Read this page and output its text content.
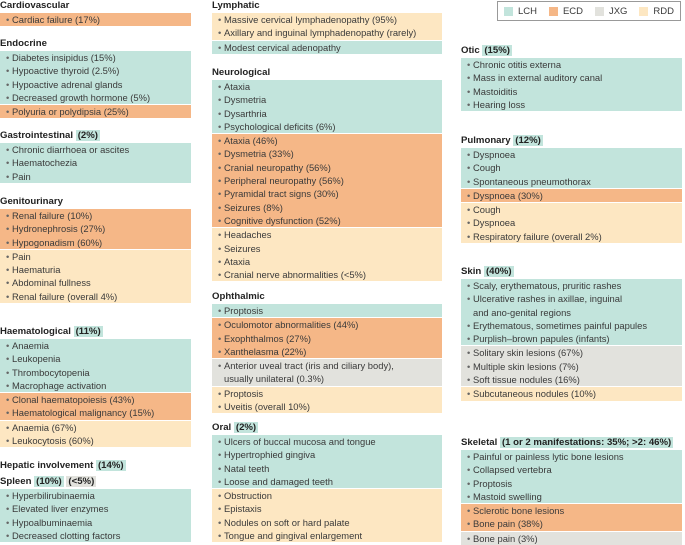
LCH	ECD	JXG	RDD
Cardiovascular
• Cardiac failure (17%)
Endocrine
• Diabetes insipidus (15%)
• Hypoactive thyroid (2.5%)
• Hypoactive adrenal glands
• Decreased growth hormone (5%)
• Polyuria or polydipsia (25%)
Gastrointestinal (2%)
• Chronic diarrhoea or ascites
• Haematochezia
• Pain
Genitourinary
• Renal failure (10%)
• Hydronephrosis (27%)
• Hypogonadism (60%)
• Pain
• Haematuria
• Abdominal fullness
• Renal failure (overall 4%)
Haematological (11%)
• Anaemia
• Leukopenia
• Thrombocytopenia
• Macrophage activation
• Clonal haematopoiesis (43%)
• Haematological malignancy (15%)
• Anaemia (67%)
• Leukocytosis (60%)
Hepatic involvement (14%)
Spleen (10%) (<5%)
• Hyperbilirubinaemia
• Elevated liver enzymes
• Hypoalbuminaemia
• Decreased clotting factors
Lymphatic
• Massive cervical lymphadenopathy (95%)
• Axillary and inguinal lymphadenopathy (rarely)
• Modest cervical adenopathy
Neurological
• Ataxia
• Dysmetria
• Dysarthria
• Psychological deficits (6%)
• Ataxia (46%)
• Dysmetria (33%)
• Cranial neuropathy (56%)
• Peripheral neuropathy (56%)
• Pyramidal tract signs (30%)
• Seizures (8%)
• Cognitive dysfunction (52%)
• Headaches
• Seizures
• Ataxia
• Cranial nerve abnormalities (<5%)
Ophthalmic
• Proptosis
• Oculomotor abnormalities (44%)
• Exophthalmos (27%)
• Xanthelasma (22%)
• Anterior uveal tract (iris and ciliary body),
usually unilateral (0.3%)
• Proptosis
• Uveitis (overall 10%)
Oral (2%)
• Ulcers of buccal mucosa and tongue
• Hypertrophied gingiva
• Natal teeth
• Loose and damaged teeth
• Obstruction
• Epistaxis
• Nodules on soft or hard palate
• Tongue and gingival enlargement
Otic (15%)
• Chronic otitis externa
• Mass in external auditory canal
• Mastoiditis
• Hearing loss
Pulmonary (12%)
• Dyspnoea
• Cough
• Spontaneous pneumothorax
• Dyspnoea (30%)
• Cough
• Dyspnoea
• Respiratory failure (overall 2%)
Skin (40%)
• Scaly, erythematous, pruritic rashes
• Ulcerative rashes in axillae, inguinal
and ano-genital regions
• Erythematous, sometimes painful papules
• Purplish–brown papules (infants)
• Solitary skin lesions (67%)
• Multiple skin lesions (7%)
• Soft tissue nodules (16%)
• Subcutaneous nodules (10%)
Skeletal (1 or 2 manifestations: 35%; >2: 46%)
• Painful or painless lytic bone lesions
• Collapsed vertebra
• Proptosis
• Mastoid swelling
• Sclerotic bone lesions
• Bone pain (38%)
• Bone pain (3%)
